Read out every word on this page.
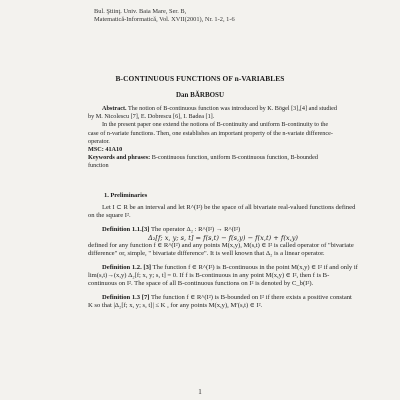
Bul. Ştiinţ. Univ. Baia Mare, Ser. B,
Matematică-Informatică, Vol. XVII(2001), Nr. 1-2, 1-6
B-CONTINUOUS FUNCTIONS OF n-VARIABLES
Dan BĂRBOSU

Abstract. The notion of B-continuous function was introduced by K. Bögel [3],[4] and studied by M. Nicolescu [7], E. Dobrescu [6], I. Badea [1].

In the present paper one extend the notions of B-continuity and uniform B-continuity to the case of n-variate functions. Then, one establishes an important property of the n-variate difference-operator.

MSC: 41A10

Keywords and phrases: B-continuous function, uniform B-continuous function, B-bounded function

1. Preliminaries

Let I ⊂ R be an interval and let R^(I²) be the space of all bivariate real-valued functions defined on the square I².

Definition 1.1.[3] The operator Δ₂ : R^(I²) → R^(I²)

Δ₂[f; x, y; s, t] = f(s,t) − f(s,y) − f(x,t) + f(x,y)

defined for any function f ∈ R^(I²) and any points M(x,y), M(s,t) ∈ I² is called operator of "bivariate difference" or, simple, " bivariate difference". It is well known that Δ₂ is a linear operator.

Definition 1.2. [3] The function f ∈ R^(I²) is B-continuous in the point M(x,y) ∈ I² if and only if lim(s,t)→(x,y) Δ₂[f; x, y; s, t] = 0. If f is B-continuous in any point M(x,y) ∈ I², then f is B-continuous on I². The space of all B-continuous functions on I² is denoted by C_b(I²).

Definition 1.3 [7] The function f ∈ R^(I²) is B-bounded on I² if there exists a positive constant K so that |Δ₂[f; x, y; s, t]| ≤ K , for any points M(x,y), M′(s,t) ∈ I².

1
